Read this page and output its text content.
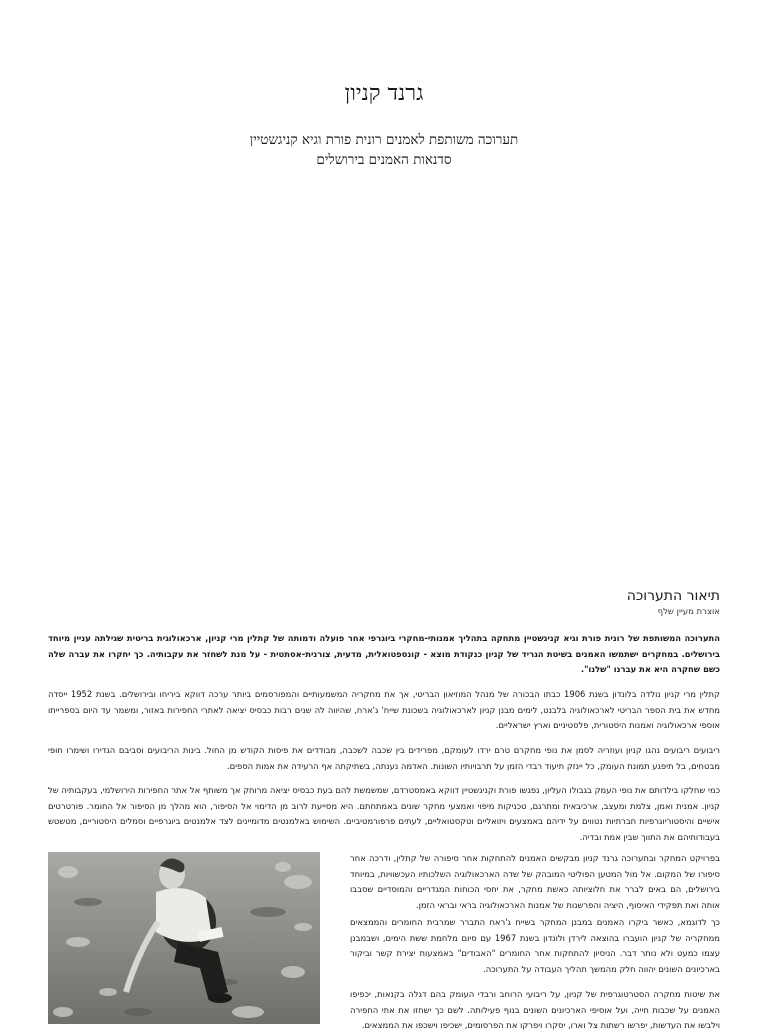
גרנד קניון
תערוכה משותפת לאמנים רונית פורת וגיא קניגשטיין
סדנאות האמנים בירושלים
תיאור התערוכה
אוצרת מעיין שלף

התערוכה המשותפת של רונית פורת וגיא קניגשטיין מתחקה בתהליך אמנותי-מחקרי ביוגרפי אחר פועלה ודמותה של קתלין מרי קניון, ארכאולוגית בריטית שגילתה עניין מיוחד בירושלים. במחקרים ישתמשו האמנים בשיטת הגריד של קניון כנקודת מוצא - קונספטואלית, מדעית, צורנית-אסתטית - על מנת לשחזר את עקבותיה. כך יחקרו את עברה שלה כשם שחקרה היא את עברנו "שלנו".

קתלין מרי קניון נולדה בלונדון בשנת 1906 כבתו הבכורה של מנהל המוזיאון הבריטי, אך את מחקריה המשמעותיים והמפורסמים ביותר ערכה דווקא ביריחו ובירושלים. בשנת 1952 ייסדה מחדש את בית הספר הבריטי לארכאולוגיה בלבנט, לימים מבנן קניון לארכאולוגיה בשכונת שייח' ג'ארח, שהיווה לה שנים רבות כבסיס יציאה לאתרי החפירות באזור, ומשמר עד היום בספרייתו אוספי ארכאולוגיה ואמנות היסטורית, פלסטיניים וארץ ישראליים.

ריבועים ריבועים נהגו קניון ועוזריה לסמן את נופי מחקרם טרם ירדו לעומקם, מפרידים בין שכבה לשכבה, מבודדים את פיסות הקודש מן החול. בינות הריבועים וסביבם הגדירו ושימרו חופי מבטחים, בל תיפגע תמונת העומק, כל יינזק תיעוד רבדי הזמן על תרבויותיו השונות. האדמה נענתה, בשתיקתה אף הרעידה את אמות הספים.

כמי שחלקו בילדותם את נופי העמק בגבולו העליון, נפגשו פורת וקניגשטיין דווקא באמסטרדם, שמשמשת להם בעת כבסיס יציאה מרוחק אך משותף אל אתר החפירות הירושלמי, בעקבותיה של קניון. אמנית ואמן, צלמת ומעצב, ארכיבאית ומתרגם, טכניקות מיפוי ואמצעי מחקר שונים באמתחתם. היא מסייעת לרוב מן הדימוי אל הסיפור, הוא מהלך מן הסיפור אל החומר. פורטרטים אישיים והיסטוריוגרפיות חברתיות נטווים על ידיהם באמצעים ויזואליים וטקסטואליים, לעתים פרפורמטיביים. השימוש באלמנטים מדומיינים לצד אלמנטים ביוגרפיים וסמלים היסטוריים, מטשטש בעבודותיהם את התווך שבין אמת ובדיה.

בפרויקט המחקר ובתערוכה גרנד קניון מבקשים האמנים להתחקות אחר סיפורה של קתלין, ודרכה אחר סיפורו של המקום. אל מול המטען הפוליטי המובהק של שדה הארכאולוגיה השלכותיו העכשוויות, במיוחד בירושלים, הם באים לברר את חלוציותה כאשת מחקר, את יחסי הכוחות המגדריים והמוסדיים שסבבו אותה ואת תפקידי האיסוף, היציה והפרשנות של אמנות הארכאולוגיה בראי ובראי הזמן.

כך לדוגמא, כאשר ביקרו האמנים במבנן המחקר בשייח ג'ראח התברר שמרבית החומרים והממצאים ממחקריה של קניון הועברו בהוצאה לירדן ולונדון בשנת 1967 עם סיום מלחמת ששת הימים, ושבמבנן עצמו כמעט ולא נותר דבר. הניסיון להתחקות אחר החומרים "האבודים" באמצעות יצירת קשר וביקור בארכיונים השונים יהווה חלק מהמשך תהליך העבודה על התערוכה.

את שיטות מחקרה הסטרטוגרפית של קניון, על ריבועי הרוחב ורבדי העומק בהם דגלה בקנאות, יכפיפו האמנים על שכבות חייה, ועל אוסיפי הארכיונים השונים בנוף פעילותה. לשם כך ישחזו את אתי החפירה וילבשו את העדשות, יפרשו רשתות צל וארו, יסקרו ויפרקו את הפרסומים, ישכיפו וישכפו את הממצאים.
